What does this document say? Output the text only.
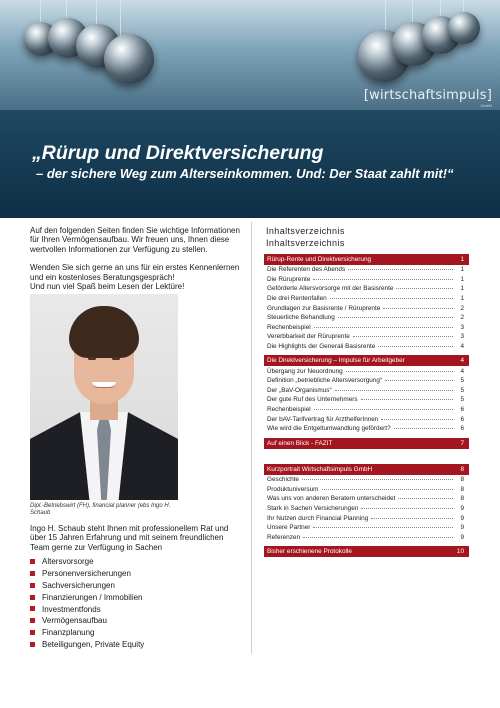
[wirtschaftsimpuls]
GmbH
„Rürup und Direktversicherung
– der sichere Weg zum Alterseinkommen. Und: Der Staat zahlt mit!“

Auf den folgenden Seiten finden Sie wichtige Informationen für Ihren Vermögensaufbau. Wir freuen uns, Ihnen diese wertvollen Informationen zur Verfügung zu stellen.

Wenden Sie sich gerne an uns für ein erstes Kennenlernen und ein kostenloses Beratungsgespräch!
Und nun viel Spaß beim Lesen der Lektüre!

Dipl.-Betriebswirt (FH), financial planner (ebs Ingo H. Schaub
Ingo H. Schaub steht Ihnen mit professionellem Rat und über 15 Jahren Erfahrung und mit seinem freundlichen Team gerne zur Verfügung in Sachen
Altersvorsorge
Personenversicherungen
Sachversicherungen
Finanzierungen / Immobilien
Investmentfonds
Vermögensaufbau
Finanzplanung
Beteiligungen, Private Equity
Inhaltsverzeichnis
Inhaltsverzeichnis
Rürup-Rente und Direktversicherung	1
Die Referenten des Abends	1
Die Rüruprente	1
Geförderte Altersvorsorge mit der Basisrente	1
Die drei Rentenfallen	1
Grundlagen zur Basisrente / Rüruprente	2
Steuerliche Behandlung	2
Rechenbeispiel	3
Vererbbarkeit der Rüruprente	3
Die Highlights der Generali Basisrente	4
Die Direktversicherung – Impulse für Arbeitgeber	4
Übergang zur Neuordnung	4
Definition „betriebliche Altersversorgung“	5
Der „BaV-Organismus“	5
Der gute Ruf des Unternehmers	5
Rechenbeispiel	6
Der bAV-Tarifvertrag für ArzthelferInnen	6
Wie wird die Entgeltumwandlung gefördert?	6
Auf einen Blick - FAZIT	7
Kurzportrait Wirtschaftsimpuls GmbH	8
Geschichte	8
Produktuniversum	8
Was uns von anderen Beratern unterscheidet	8
Stark in Sachen Versicherungen	9
Ihr Nutzen durch Financial Planning	9
Unsere Partner	9
Referenzen	9
Bisher erschienene Protokolle	10
